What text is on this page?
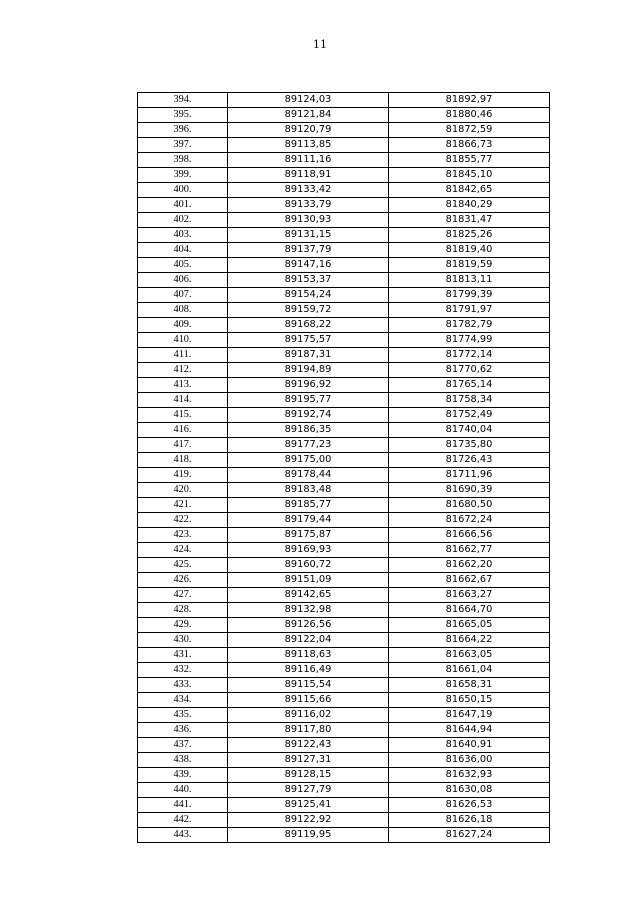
11
394.	89124,03	81892,97
395.	89121,84	81880,46
396.	89120,79	81872,59
397.	89113,85	81866,73
398.	89111,16	81855,77
399.	89118,91	81845,10
400.	89133,42	81842,65
401.	89133,79	81840,29
402.	89130,93	81831,47
403.	89131,15	81825,26
404.	89137,79	81819,40
405.	89147,16	81819,59
406.	89153,37	81813,11
407.	89154,24	81799,39
408.	89159,72	81791,97
409.	89168,22	81782,79
410.	89175,57	81774,99
411.	89187,31	81772,14
412.	89194,89	81770,62
413.	89196,92	81765,14
414.	89195,77	81758,34
415.	89192,74	81752,49
416.	89186,35	81740,04
417.	89177,23	81735,80
418.	89175,00	81726,43
419.	89178,44	81711,96
420.	89183,48	81690,39
421.	89185,77	81680,50
422.	89179,44	81672,24
423.	89175,87	81666,56
424.	89169,93	81662,77
425.	89160,72	81662,20
426.	89151,09	81662,67
427.	89142,65	81663,27
428.	89132,98	81664,70
429.	89126,56	81665,05
430.	89122,04	81664,22
431.	89118,63	81663,05
432.	89116,49	81661,04
433.	89115,54	81658,31
434.	89115,66	81650,15
435.	89116,02	81647,19
436.	89117,80	81644,94
437.	89122,43	81640,91
438.	89127,31	81636,00
439.	89128,15	81632,93
440.	89127,79	81630,08
441.	89125,41	81626,53
442.	89122,92	81626,18
443.	89119,95	81627,24
